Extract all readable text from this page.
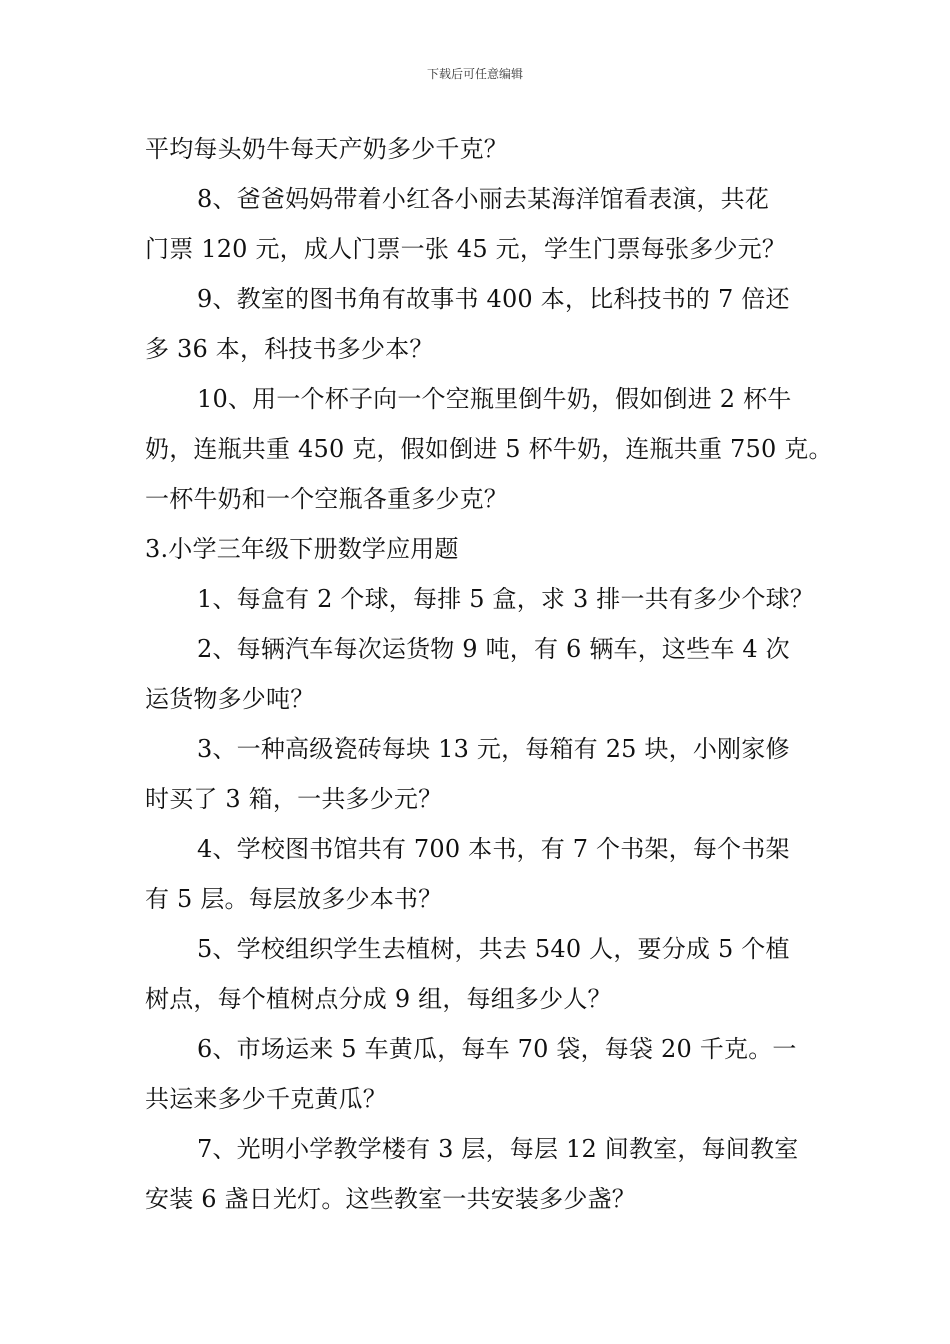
下载后可任意编辑
平均每头奶牛每天产奶多少千克？
8、爸爸妈妈带着小红各小丽去某海洋馆看表演，共花
门票 120 元，成人门票一张 45 元，学生门票每张多少元？
9、教室的图书角有故事书 400 本，比科技书的 7 倍还
多 36 本，科技书多少本？
10、用一个杯子向一个空瓶里倒牛奶，假如倒进 2 杯牛
奶，连瓶共重 450 克，假如倒进 5 杯牛奶，连瓶共重 750 克。
一杯牛奶和一个空瓶各重多少克？
3.小学三年级下册数学应用题
1、每盒有 2 个球，每排 5 盒，求 3 排一共有多少个球？
2、每辆汽车每次运货物 9 吨，有 6 辆车，这些车 4 次
运货物多少吨？
3、一种高级瓷砖每块 13 元，每箱有 25 块，小刚家修
时买了 3 箱，一共多少元？
4、学校图书馆共有 700 本书，有 7 个书架，每个书架
有 5 层。每层放多少本书？
5、学校组织学生去植树，共去 540 人，要分成 5 个植
树点，每个植树点分成 9 组，每组多少人？
6、市场运来 5 车黄瓜，每车 70 袋，每袋 20 千克。一
共运来多少千克黄瓜？
7、光明小学教学楼有 3 层，每层 12 间教室，每间教室
安装 6 盏日光灯。这些教室一共安装多少盏？
